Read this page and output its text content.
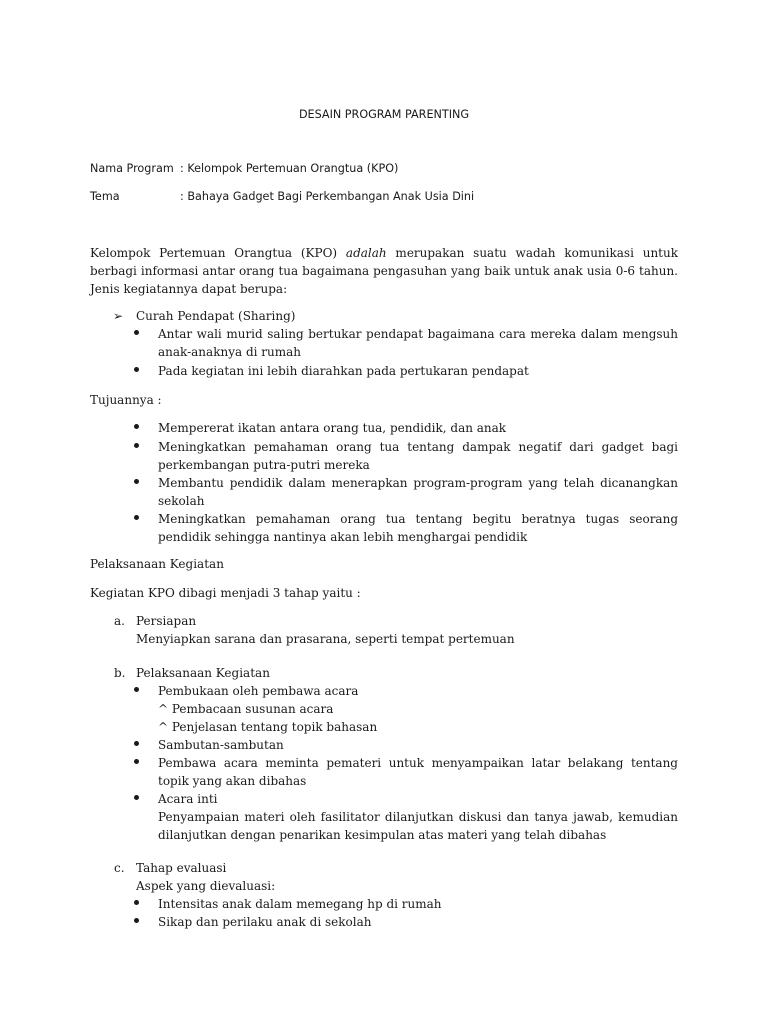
DESAIN PROGRAM PARENTING
Nama Program : Kelompok Pertemuan Orangtua (KPO)
Tema	: Bahaya Gadget Bagi Perkembangan Anak Usia Dini
Kelompok Pertemuan Orangtua (KPO) adalah merupakan suatu wadah komunikasi untuk berbagi informasi antar orang tua bagaimana pengasuhan yang baik untuk anak usia 0-6 tahun. Jenis kegiatannya dapat berupa:
➢ Curah Pendapat (Sharing)
Antar wali murid saling bertukar pendapat bagaimana cara mereka dalam mengsuh anak-anaknya di rumah
Pada kegiatan ini lebih diarahkan pada pertukaran pendapat
Tujuannya :
Mempererat ikatan antara orang tua, pendidik, dan anak
Meningkatkan pemahaman orang tua tentang dampak negatif dari gadget bagi perkembangan putra-putri mereka
Membantu pendidik dalam menerapkan program-program yang telah dicanangkan sekolah
Meningkatkan pemahaman orang tua tentang begitu beratnya tugas seorang pendidik sehingga nantinya akan lebih menghargai pendidik
Pelaksanaan Kegiatan
Kegiatan KPO dibagi menjadi 3 tahap yaitu :
a. Persiapan
Menyiapkan sarana dan prasarana, seperti tempat pertemuan
b. Pelaksanaan Kegiatan
Pembukaan oleh pembawa acara
^ Pembacaan susunan acara
^ Penjelasan tentang topik bahasan
Sambutan-sambutan
Pembawa acara meminta pemateri untuk menyampaikan latar belakang tentang topik yang akan dibahas
Acara inti
Penyampaian materi oleh fasilitator dilanjutkan diskusi dan tanya jawab, kemudian dilanjutkan dengan penarikan kesimpulan atas materi yang telah dibahas
c. Tahap evaluasi
Aspek yang dievaluasi:
Intensitas anak dalam memegang hp di rumah
Sikap dan perilaku anak di sekolah
